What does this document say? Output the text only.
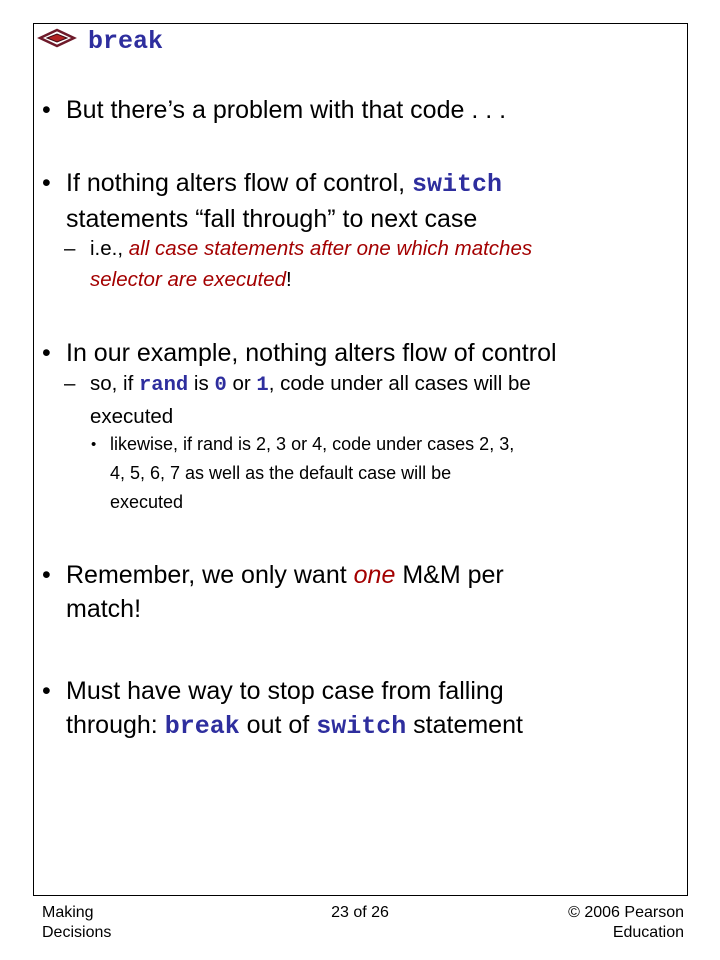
break
• But there’s a problem with that code . . .
• If nothing alters flow of control, switch
statements “fall through” to next case
– i.e., all case statements after one which matches
selector are executed!
• In our example, nothing alters flow of control
– so, if rand is 0 or 1, code under all cases will be
executed
• likewise, if rand is 2, 3 or 4, code under cases 2, 3,
4, 5, 6, 7 as well as the default case will be
executed
• Remember, we only want one M&M per
match!
• Must have way to stop case from falling
through: break out of switch statement
Making
Decisions
23 of 26	© 2006 Pearson
Education
